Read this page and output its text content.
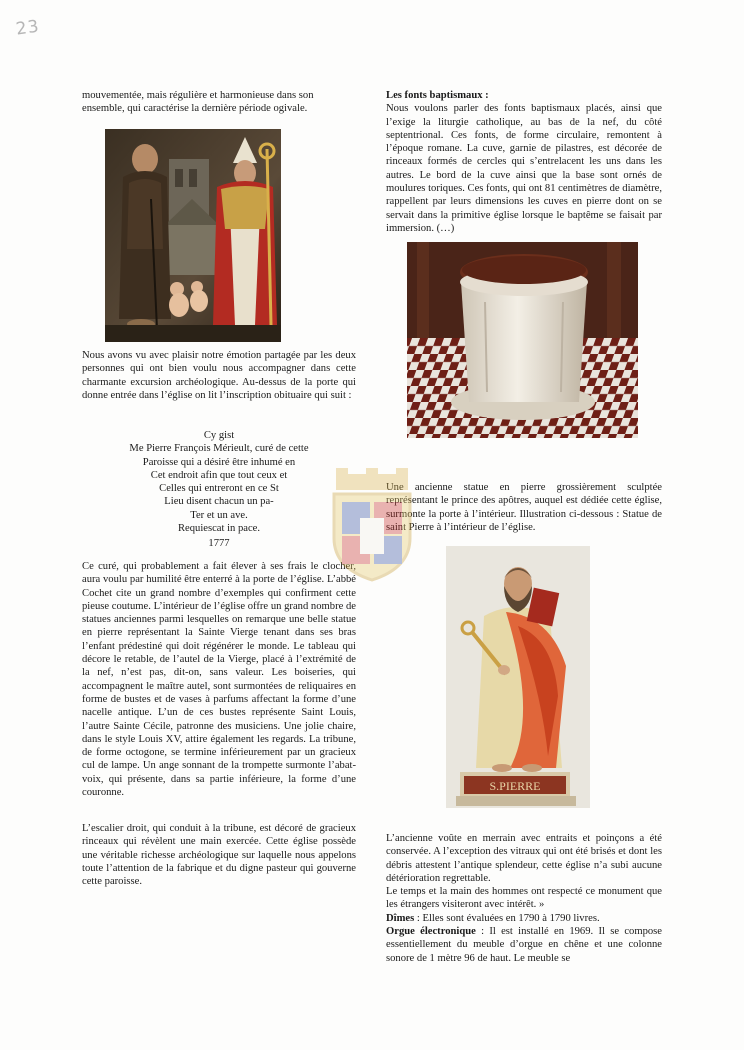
23

mouvementée, mais régulière et harmonieuse dans son ensemble, qui caractérise la dernière période ogivale.

Nous avons vu avec plaisir notre émotion partagée par les deux personnes qui ont bien voulu nous accompagner dans cette charmante excursion archéologique. Au-dessus de la porte qui donne entrée dans l’église on lit l’inscription obituaire qui suit :

Cy gist
Me Pierre François Mérieult, curé de cette
Paroisse qui a désiré être inhumé en
Cet endroit afin que tout ceux et
Celles qui entreront en ce St
Lieu disent chacun un pa-
Ter et un ave.
Requiescat in pace.
1777

Ce curé, qui probablement a fait élever à ses frais le clocher, aura voulu par humilité être enterré à la porte de l’église. L’abbé Cochet cite un grand nombre d’exemples qui confirment cette pieuse coutume. L’intérieur de l’église offre un grand nombre de statues anciennes parmi lesquelles on remarque une belle statue en pierre représentant la Sainte Vierge tenant dans ses bras l’enfant prédestiné qui doit régénérer le monde. Le tableau qui décore le retable, de l’autel de la Vierge, placé à l’extrémité de la nef, n’est pas, dit-on, sans valeur. Les boiseries, qui accompagnent le maître autel, sont surmontées de reliquaires en forme de bustes et de vases à parfums affectant la forme d’une nacelle antique. L’un de ces bustes représente Saint Louis, l’autre Sainte Cécile, patronne des musiciens. Une jolie chaire, dans le style Louis XV, attire également les regards. La tribune, de forme octogone, se termine inférieurement par un gracieux cul de lampe. Un ange sonnant de la trompette surmonte l’abat-voix, qui présente, dans sa partie inférieure, la forme d’une couronne.

L’escalier droit, qui conduit à la tribune, est décoré de gracieux rinceaux qui révèlent une main exercée. Cette église possède une véritable richesse archéologique sur laquelle nous appelons toute l’attention de la fabrique et du digne pasteur qui gouverne cette paroisse.

Les fonts baptismaux :

Nous voulons parler des fonts baptismaux placés, ainsi que l’exige la liturgie catholique, au bas de la nef, du côté septentrional. Ces fonts, de forme circulaire, remontent à l’époque romane. La cuve, garnie de pilastres, est décorée de rinceaux formés de cercles qui s’entrelacent les uns dans les autres. Le bord de la cuve ainsi que la base sont ornés de moulures toriques. Ces fonts, qui ont 81 centimètres de diamètre, rappellent par leurs dimensions les cuves en pierre dont on se servait dans la primitive église lorsque le baptême se faisait par immersion. (…)

Une ancienne statue en pierre grossièrement sculptée représentant le prince des apôtres, auquel est dédiée cette église, surmonte la porte à l’intérieur. Illustration ci-dessous : Statue de saint Pierre à l’intérieur de l’église.

S.PIERRE

L’ancienne voûte en merrain avec entraits et poinçons a été conservée. A l’exception des vitraux qui ont été brisés et dont les débris attestent l’antique splendeur, cette église n’a subi aucune détérioration regrettable.

Le temps et la main des hommes ont respecté ce monument que les étrangers visiteront avec intérêt. »

Dîmes : Elles sont évaluées en 1790 à 1790 livres.

Orgue électronique : Il est installé en 1969. Il se compose essentiellement du meuble d’orgue en chêne et une colonne sonore de 1 mètre 96 de haut. Le meuble se
